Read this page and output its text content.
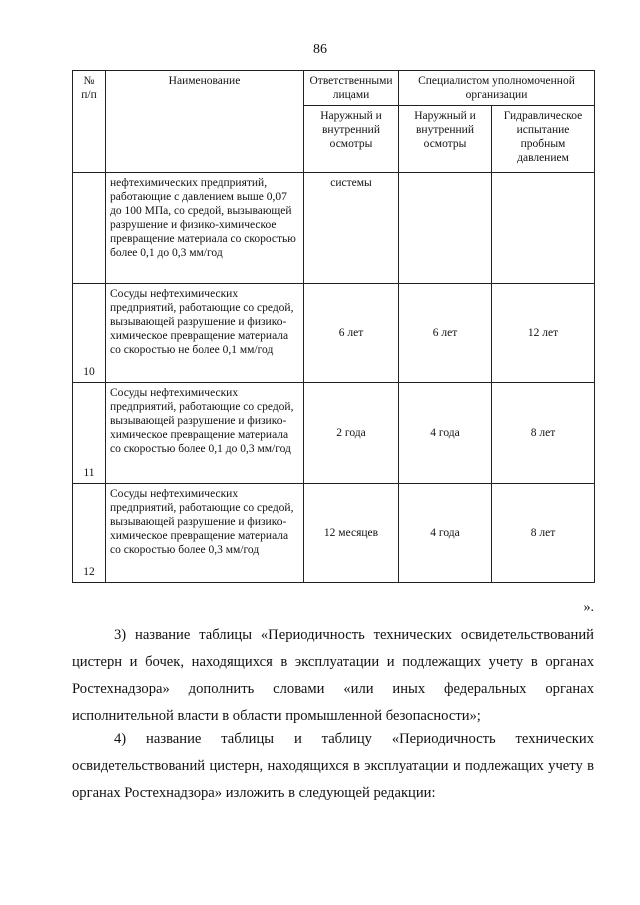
86
№
п/п	Наименование	Ответственными лицами	Специалистом уполномоченной организации	
		Наружный и внутренний осмотры	Наружный и внутренний осмотры	Гидравлическое испытание пробным давлением
	нефтехимических предприятий, работающие с давлением выше 0,07 до 100 МПа, со средой, вызывающей разрушение и физико-химическое превращение материала со скоростью более 0,1 до 0,3 мм/год	системы		
10	Сосуды нефтехимических предприятий, работающие со средой, вызывающей разрушение и физико-химическое превращение материала со скоростью не более 0,1 мм/год	6 лет	6 лет	12 лет
11	Сосуды нефтехимических предприятий, работающие со средой, вызывающей разрушение и физико-химическое превращение материала со скоростью более 0,1 до 0,3 мм/год	2 года	4 года	8 лет
12	Сосуды нефтехимических предприятий, работающие со средой, вызывающей разрушение и физико-химическое превращение материала со скоростью более 0,3 мм/год	12 месяцев	4 года	8 лет
».

3) название таблицы «Периодичность технических освидетельствований цистерн и бочек, находящихся в эксплуатации и подлежащих учету в органах Ростехнадзора» дополнить словами «или иных федеральных органах исполнительной власти в области промышленной безопасности»;

4) название таблицы и таблицу «Периодичность технических освидетельствований цистерн, находящихся в эксплуатации и подлежащих учету в органах Ростехнадзора» изложить в следующей редакции:
